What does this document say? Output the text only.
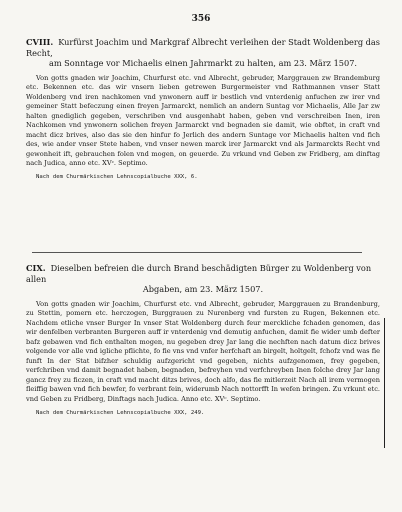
356
CVIII. Kurfürst Joachim und Markgraf Albrecht verleihen der Stadt Woldenberg das Recht,
am Sonntage vor Michaelis einen Jahrmarkt zu halten, am 23. März 1507.

Von gotts gnaden wir Joachim, Churfurst etc. vnd Albrecht, gebruder, Marggrauen zw Brandemburg etc. Bekennen etc. das wir vnsern lieben getrewen Burgermeister vnd Rathmannen vnser Statt Woldenberg vnd iren nachkomen vnd ynwonern auff ir bestlich vnd vnterdenig anfuchen zw irer vnd gemeiner Statt befeczung einen freyen Jarmarckt, nemlich an andern Suntag vor Michaelis, Alle Jar zw halten gnediglich gegeben, verschriben vnd ausgenhabt haben, geben vnd verschreiben Inen, iren Nachkomen vnd ynwonern solichen freyen Jarmarckt vnd begnaden sie damit, wie obftet, in craft vnd macht dicz brives, also das sie den hinfur fo Jerlich des andern Suntage vor Michaelis halten vnd fich des, wie ander vnser Stete haben, vnd vnser newen marck irer Jarmarckt vnd als Jarmarckts Recht vnd gewonheit ift, gebrauchen folen vnd mogen, on geuerde. Zu vrkund vnd Geben zw Fridberg, am dinftag nach Judica, anno etc. XVᶜ. Septimo.

Nach dem Churmärkischen Lehnscopialbuche XXX, 6.
CIX. Dieselben befreien die durch Brand beschädigten Bürger zu Woldenberg von allen
Abgaben, am 23. März 1507.

Von gotts gnaden wir Joachim, Churfurst etc. vnd Albrecht, gebruder, Marggrauen zu Brandenburg, zu Stettin, pomern etc. herczogen, Burggrauen zu Nurenberg vnd fursten zu Rugen, Bekennen etc. Nachdem etliche vnser Burger In vnser Stat Woldenberg durch feur merckliche fchaden genomen, das wir denfelben verbranten Burgeren auff ir vnterdenig vnd demutig anfuchen, damit fie wider umb defter bafz gebawen vnd fich enthalten mogen, nu gegeben drey Jar lang die nechften nach datum dicz brives volgende vor alle vnd igliche pflichte, fo fie vns vnd vnfer herfchaft an birgelt, holtgelt, fchofz vnd was fie funft In der Stat bifzher schuldig aufzgericht vnd gegeben, nichts aufzgenomen, frey gegeben, verfchriben vnd damit begnadet haben, begnaden, befreyhen vnd verfchreyben Inen folche drey Jar lang gancz frey zu ficzen, in craft vnd macht ditzs brives, doch alfo, das fie mitlerzeit Nach all irem vermogen fleiffig bawen vnd fich bewfer, fo verbrant fein, widerumb Nach nottorfft In wefen bringen. Zu vrkunt etc. vnd Geben zu Fridberg, Dinftags nach Judica. Anno etc. XVᶜ. Septimo.

Nach dem Churmärkischen Lehnscopialbuche XXX, 249.
